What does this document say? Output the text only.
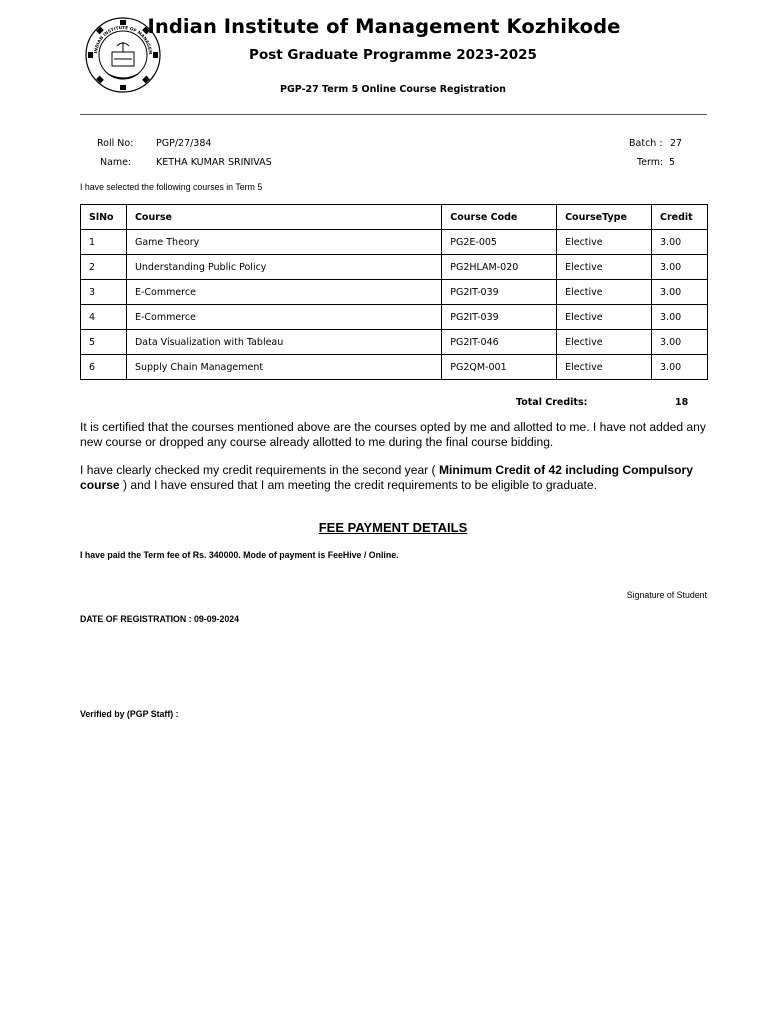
INDIAN INSTITUTE OF MANAGEM
Indian Institute of Management Kozhikode
Post Graduate Programme 2023-2025
PGP-27 Term 5 Online Course Registration
Roll No: PGP/27/384
Name:	KETHA KUMAR SRINIVAS
Batch : 27
Term: 5
I have selected the following courses in Term 5
SlNo	Course	Course Code	CourseType	Credit
1	Game Theory	PG2E-005	Elective	3.00
2	Understanding Public Policy	PG2HLAM-020	Elective	3.00
3	E-Commerce	PG2IT-039	Elective	3.00
4	E-Commerce	PG2IT-039	Elective	3.00
5	Data Visualization with Tableau	PG2IT-046	Elective	3.00
6	Supply Chain Management	PG2QM-001	Elective	3.00
Total Credits:	18
It is certified that the courses mentioned above are the courses opted by me and allotted to me. I have not added any new course or dropped any course already allotted to me during the final course bidding.
I have clearly checked my credit requirements in the second year ( Minimum Credit of 42 including Compulsory course ) and I have ensured that I am meeting the credit requirements to be eligible to graduate.
FEE PAYMENT DETAILS
I have paid the Term fee of Rs. 340000. Mode of payment is FeeHive / Online.
Signature of Student
DATE OF REGISTRATION : 09-09-2024
Verified by (PGP Staff) :
